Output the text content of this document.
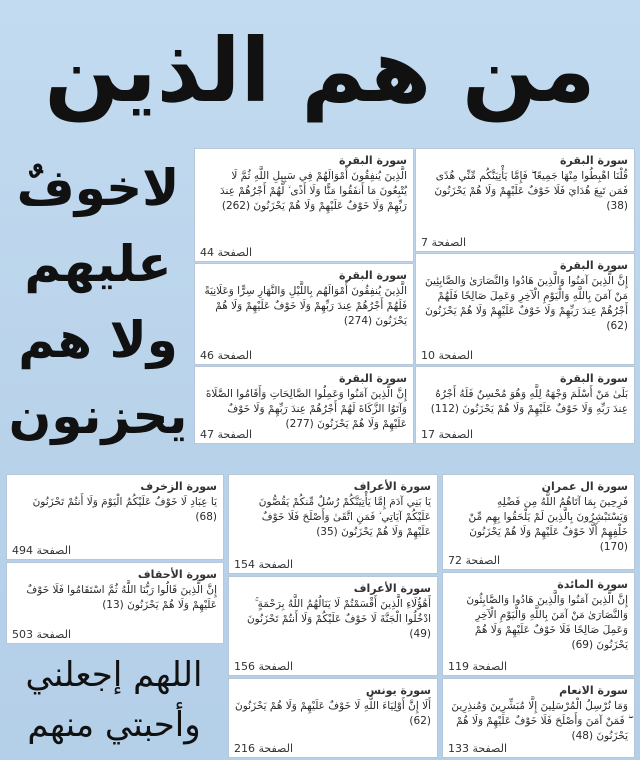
من هم الذين
لاخوفٌ
عليهم
ولا هم
يحزنون
سورة البقرة
قُلْنَا اهْبِطُوا مِنْهَا جَمِيعًا ۖ فَإِمَّا يَأْتِيَنَّكُم مِّنِّي هُدًى فَمَن تَبِعَ هُدَايَ فَلَا خَوْفٌ عَلَيْهِمْ وَلَا هُمْ يَحْزَنُونَ (38)
الصفحة 7
سورة البقرة
الَّذِينَ يُنفِقُونَ أَمْوَالَهُمْ فِي سَبِيلِ اللَّهِ ثُمَّ لَا يُتْبِعُونَ مَا أَنفَقُوا مَنًّا وَلَا أَذًى ۙ لَّهُمْ أَجْرُهُمْ عِندَ رَبِّهِمْ وَلَا خَوْفٌ عَلَيْهِمْ وَلَا هُمْ يَحْزَنُونَ (262)
الصفحة 44
سورة البقرة
إِنَّ الَّذِينَ آمَنُوا وَالَّذِينَ هَادُوا وَالنَّصَارَىٰ وَالصَّابِئِينَ مَنْ آمَنَ بِاللَّهِ وَالْيَوْمِ الْآخِرِ وَعَمِلَ صَالِحًا فَلَهُمْ أَجْرُهُمْ عِندَ رَبِّهِمْ وَلَا خَوْفٌ عَلَيْهِمْ وَلَا هُمْ يَحْزَنُونَ (62)
الصفحة 10
سورة البقرة
الَّذِينَ يُنفِقُونَ أَمْوَالَهُم بِاللَّيْلِ وَالنَّهَارِ سِرًّا وَعَلَانِيَةً فَلَهُمْ أَجْرُهُمْ عِندَ رَبِّهِمْ وَلَا خَوْفٌ عَلَيْهِمْ وَلَا هُمْ يَحْزَنُونَ (274)
الصفحة 46
سورة البقرة
بَلَىٰ مَنْ أَسْلَمَ وَجْهَهُ لِلَّهِ وَهُوَ مُحْسِنٌ فَلَهُ أَجْرُهُ عِندَ رَبِّهِ وَلَا خَوْفٌ عَلَيْهِمْ وَلَا هُمْ يَحْزَنُونَ (112)
الصفحة 17
سورة البقرة
إِنَّ الَّذِينَ آمَنُوا وَعَمِلُوا الصَّالِحَاتِ وَأَقَامُوا الصَّلَاةَ وَآتَوُا الزَّكَاةَ لَهُمْ أَجْرُهُمْ عِندَ رَبِّهِمْ وَلَا خَوْفٌ عَلَيْهِمْ وَلَا هُمْ يَحْزَنُونَ (277)
الصفحة 47
سورة ال عمران
فَرِحِينَ بِمَا آتَاهُمُ اللَّهُ مِن فَضْلِهِ وَيَسْتَبْشِرُونَ بِالَّذِينَ لَمْ يَلْحَقُوا بِهِم مِّنْ خَلْفِهِمْ أَلَّا خَوْفٌ عَلَيْهِمْ وَلَا هُمْ يَحْزَنُونَ (170)
الصفحة 72
سورة الأعراف
يَا بَنِي آدَمَ إِمَّا يَأْتِيَنَّكُمْ رُسُلٌ مِّنكُمْ يَقُصُّونَ عَلَيْكُمْ آيَاتِي ۙ فَمَنِ اتَّقَىٰ وَأَصْلَحَ فَلَا خَوْفٌ عَلَيْهِمْ وَلَا هُمْ يَحْزَنُونَ (35)
الصفحة 154
سورة الزخرف
يَا عِبَادِ لَا خَوْفٌ عَلَيْكُمُ الْيَوْمَ وَلَا أَنتُمْ تَحْزَنُونَ (68)
الصفحة 494
سورة المائدة
إِنَّ الَّذِينَ آمَنُوا وَالَّذِينَ هَادُوا وَالصَّابِئُونَ وَالنَّصَارَىٰ مَنْ آمَنَ بِاللَّهِ وَالْيَوْمِ الْآخِرِ وَعَمِلَ صَالِحًا فَلَا خَوْفٌ عَلَيْهِمْ وَلَا هُمْ يَحْزَنُونَ (69)
الصفحة 119
سورة الأعراف
أَهَٰؤُلَاءِ الَّذِينَ أَقْسَمْتُمْ لَا يَنَالُهُمُ اللَّهُ بِرَحْمَةٍ ۚ ادْخُلُوا الْجَنَّةَ لَا خَوْفٌ عَلَيْكُمْ وَلَا أَنتُمْ تَحْزَنُونَ (49)
الصفحة 156
سورة الأحقاف
إِنَّ الَّذِينَ قَالُوا رَبُّنَا اللَّهُ ثُمَّ اسْتَقَامُوا فَلَا خَوْفٌ عَلَيْهِمْ وَلَا هُمْ يَحْزَنُونَ (13)
الصفحة 503
سورة الانعام
وَمَا نُرْسِلُ الْمُرْسَلِينَ إِلَّا مُبَشِّرِينَ وَمُنذِرِينَ ۖ فَمَنْ آمَنَ وَأَصْلَحَ فَلَا خَوْفٌ عَلَيْهِمْ وَلَا هُمْ يَحْزَنُونَ (48)
الصفحة 133
سورة يونس
أَلَا إِنَّ أَوْلِيَاءَ اللَّهِ لَا خَوْفٌ عَلَيْهِمْ وَلَا هُمْ يَحْزَنُونَ (62)
الصفحة 216
اللهم إجعلني
وأحبتي منهم
